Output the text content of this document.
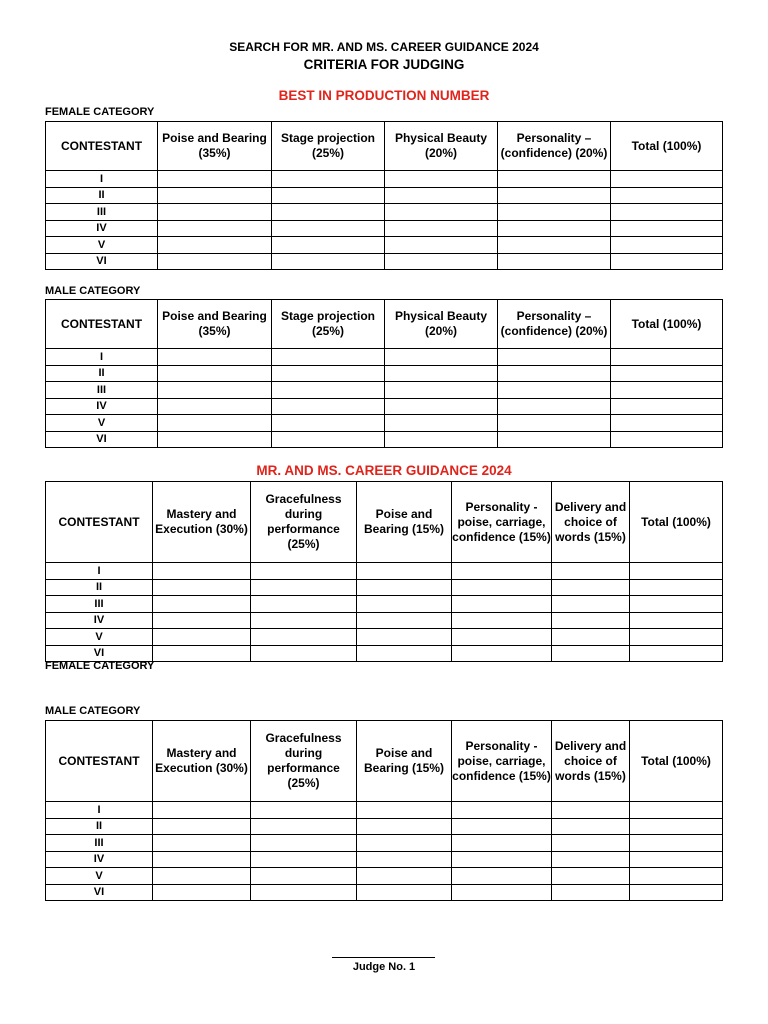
SEARCH FOR MR. AND MS. CAREER GUIDANCE 2024
CRITERIA FOR JUDGING
BEST IN PRODUCTION NUMBER
FEMALE CATEGORY
CONTESTANT	Poise and Bearing (35%)	Stage projection (25%)	Physical Beauty (20%)	Personality – (confidence) (20%)	Total (100%)
I					
II					
III					
IV					
V					
VI					
MALE CATEGORY
CONTESTANT	Poise and Bearing (35%)	Stage projection (25%)	Physical Beauty (20%)	Personality – (confidence) (20%)	Total (100%)
I					
II					
III					
IV					
V					
VI					
MR. AND MS. CAREER GUIDANCE 2024
CONTESTANT	Mastery and Execution (30%)	Gracefulness during performance (25%)	Poise and Bearing (15%)	Personality - poise, carriage, confidence (15%)	Delivery and choice of words (15%)	Total (100%)
I						
II						
III						
IV						
V						
VI						
FEMALE CATEGORY
MALE CATEGORY
CONTESTANT	Mastery and Execution (30%)	Gracefulness during performance (25%)	Poise and Bearing (15%)	Personality - poise, carriage, confidence (15%)	Delivery and choice of words (15%)	Total (100%)
I						
II						
III						
IV						
V						
VI						
Judge No. 1
